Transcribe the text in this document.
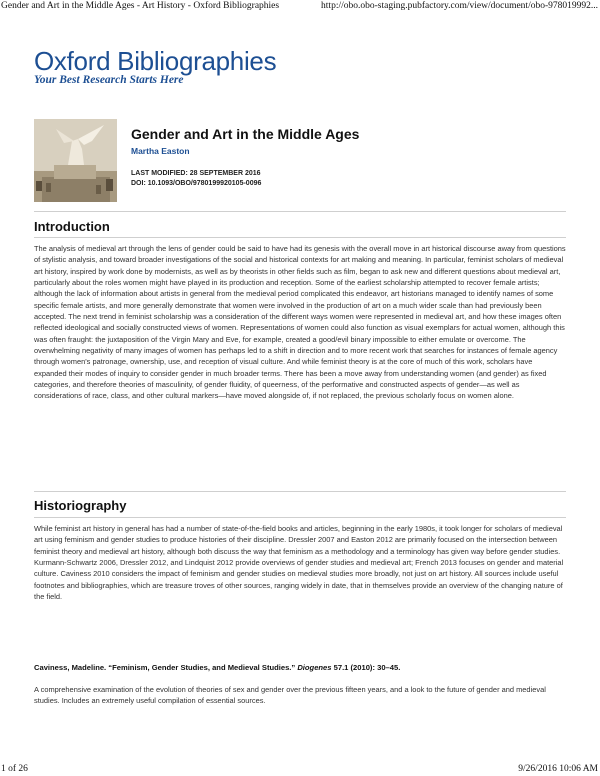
Gender and Art in the Middle Ages - Art History - Oxford Bibliographies	http://obo.obo-staging.pubfactory.com/view/document/obo-978019992...
Oxford Bibliographies
Your Best Research Starts Here
Gender and Art in the Middle Ages
Martha Easton
LAST MODIFIED: 28 SEPTEMBER 2016
DOI: 10.1093/OBO/9780199920105-0096
Introduction

The analysis of medieval art through the lens of gender could be said to have had its genesis with the overall move in art historical discourse away from questions of stylistic analysis, and toward broader investigations of the social and historical contexts for art making and meaning. In particular, feminist scholars of medieval art history, inspired by work done by modernists, as well as by theorists in other fields such as film, began to ask new and different questions about medieval art, particularly about the roles women might have played in its production and reception. Some of the earliest scholarship attempted to recover female artists; although the lack of information about artists in general from the medieval period complicated this endeavor, art historians managed to identify names of some specific female artists, and more generally demonstrate that women were involved in the production of art on a much wider scale than had previously been accepted. The next trend in feminist scholarship was a consideration of the different ways women were represented in medieval art, and how these images often reflected ideological and socially constructed views of women. Representations of women could also function as visual exemplars for actual women, although this was often fraught: the juxtaposition of the Virgin Mary and Eve, for example, created a good/evil binary impossible to either emulate or overcome. The overwhelming negativity of many images of women has perhaps led to a shift in direction and to more recent work that searches for instances of female agency through women's patronage, ownership, use, and reception of visual culture. And while feminist theory is at the core of much of this work, scholars have expanded their modes of inquiry to consider gender in much broader terms. There has been a move away from understanding women (and gender) as fixed categories, and therefore theories of masculinity, of gender fluidity, of queerness, of the performative and constructed aspects of gender—as well as considerations of race, class, and other cultural markers—have moved alongside of, if not replaced, the previous scholarly focus on women alone.

Historiography

While feminist art history in general has had a number of state-of-the-field books and articles, beginning in the early 1980s, it took longer for scholars of medieval art using feminism and gender studies to produce histories of their discipline. Dressler 2007 and Easton 2012 are primarily focused on the intersection between feminist theory and medieval art history, although both discuss the way that feminism as a methodology and a terminology has given way before gender studies. Kurmann-Schwartz 2006, Dressler 2012, and Lindquist 2012 provide overviews of gender studies and medieval art; French 2013 focuses on gender and material culture. Caviness 2010 considers the impact of feminism and gender studies on medieval studies more broadly, not just on art history. All sources include useful footnotes and bibliographies, which are treasure troves of other sources, ranging widely in date, that in themselves provide an overview of the changing nature of the field.

Caviness, Madeline. “Feminism, Gender Studies, and Medieval Studies.” Diogenes 57.1 (2010): 30–45.

A comprehensive examination of the evolution of theories of sex and gender over the previous fifteen years, and a look to the future of gender and medieval studies. Includes an extremely useful compilation of essential sources.

1 of 26	9/26/2016 10:06 AM
